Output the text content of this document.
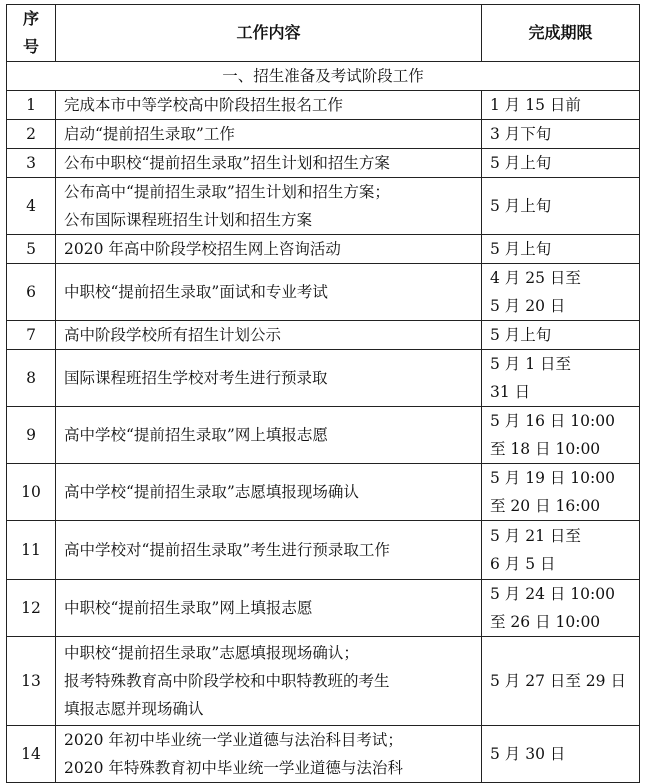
序
号	工作内容	完成期限
一、招生准备及考试阶段工作		
1	完成本市中等学校高中阶段招生报名工作	1 月 15 日前

2	启动“提前招生录取”工作	3 月下旬

3	公布中职校“提前招生录取”招生计划和招生方案	5 月上旬

4	公布高中“提前招生录取”招生计划和招生方案；
公布国际课程班招生计划和招生方案	5 月上旬

5	2020 年高中阶段学校招生网上咨询活动	5 月上旬

6	中职校“提前招生录取”面试和专业考试	4 月 25 日至
5 月 20 日

7	高中阶段学校所有招生计划公示	5 月上旬

8	国际课程班招生学校对考生进行预录取	5 月 1 日至
31 日

9	高中学校“提前招生录取”网上填报志愿	5 月 16 日 10:00
至 18 日 10:00

10	高中学校“提前招生录取”志愿填报现场确认	5 月 19 日 10:00
至 20 日 16:00

11	高中学校对“提前招生录取”考生进行预录取工作	5 月 21 日至
6 月 5 日

12	中职校“提前招生录取”网上填报志愿	5 月 24 日 10:00
至 26 日 10:00

13	中职校“提前招生录取”志愿填报现场确认；
报考特殊教育高中阶段学校和中职特教班的考生
填报志愿并现场确认	5 月 27 日至 29 日

14	2020 年初中毕业统一学业道德与法治科目考试；
2020 年特殊教育初中毕业统一学业道德与法治科	5 月 30 日
